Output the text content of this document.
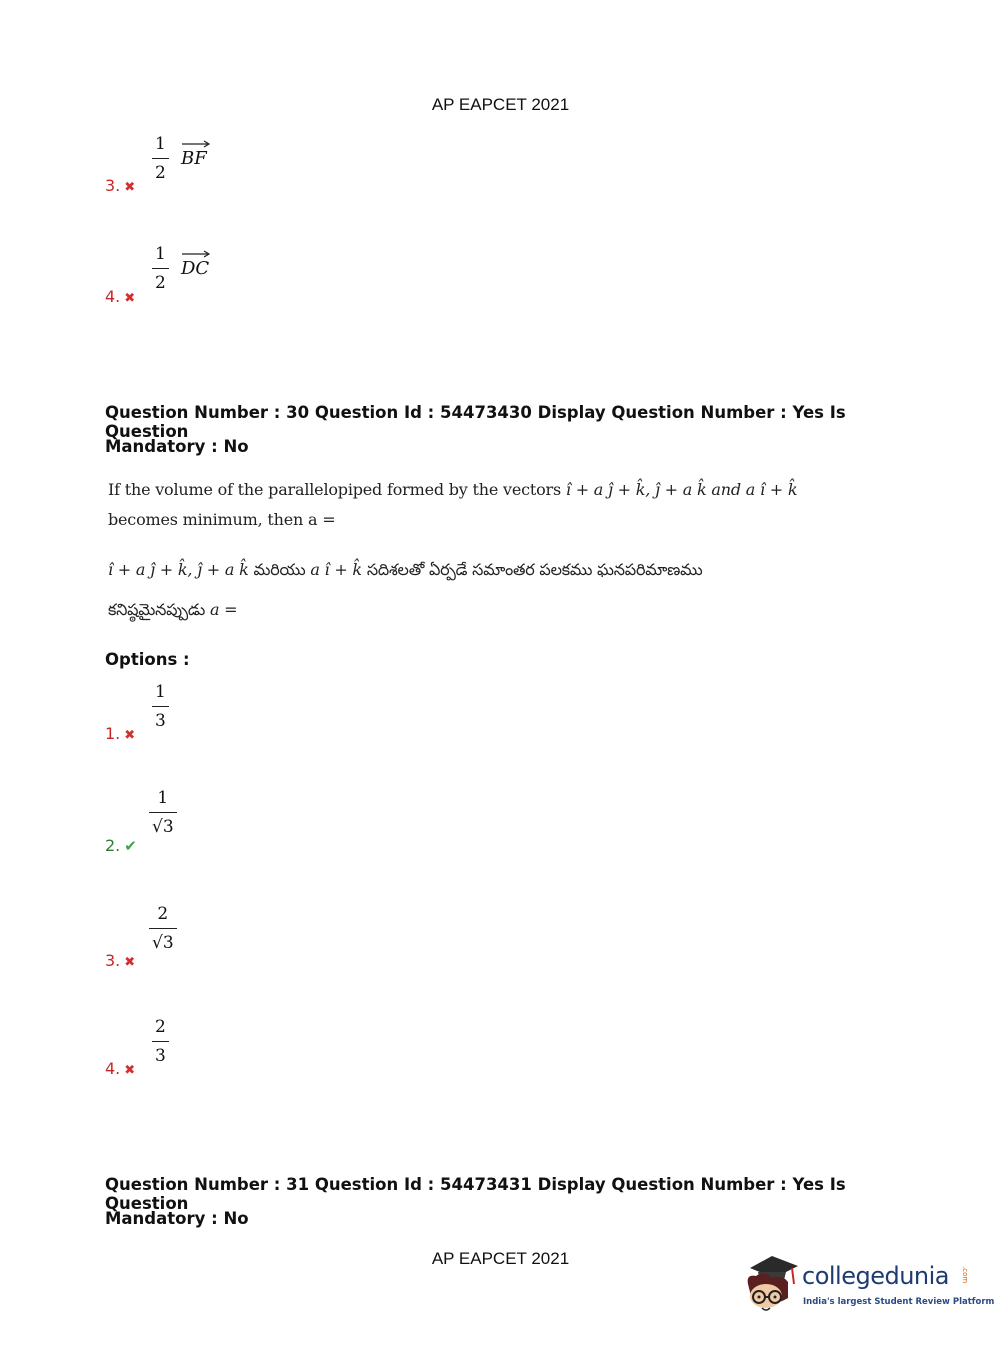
AP EAPCET 2021
3. ✖
1
2
BF
4. ✖
1
2
DC
Question Number : 30 Question Id : 54473430 Display Question Number : Yes Is Question
Mandatory : No
If the volume of the parallelopiped formed by the vectors î + a ĵ + k̂, ĵ + a k̂ and a î + k̂
becomes minimum, then a =
î + a ĵ + k̂, ĵ + a k̂ మరియు a î + k̂ సదిశలతో ఏర్పడే సమాంతర పలకము ఘనపరిమాణము
కనిష్ఠమైనప్పుడు a =
Options :
1. ✖
1
3
2. ✔
1
√3
3. ✖
2
√3
4. ✖
2
3
Question Number : 31 Question Id : 54473431 Display Question Number : Yes Is Question
Mandatory : No
AP EAPCET 2021
collegedunia .com
India's largest Student Review Platform
